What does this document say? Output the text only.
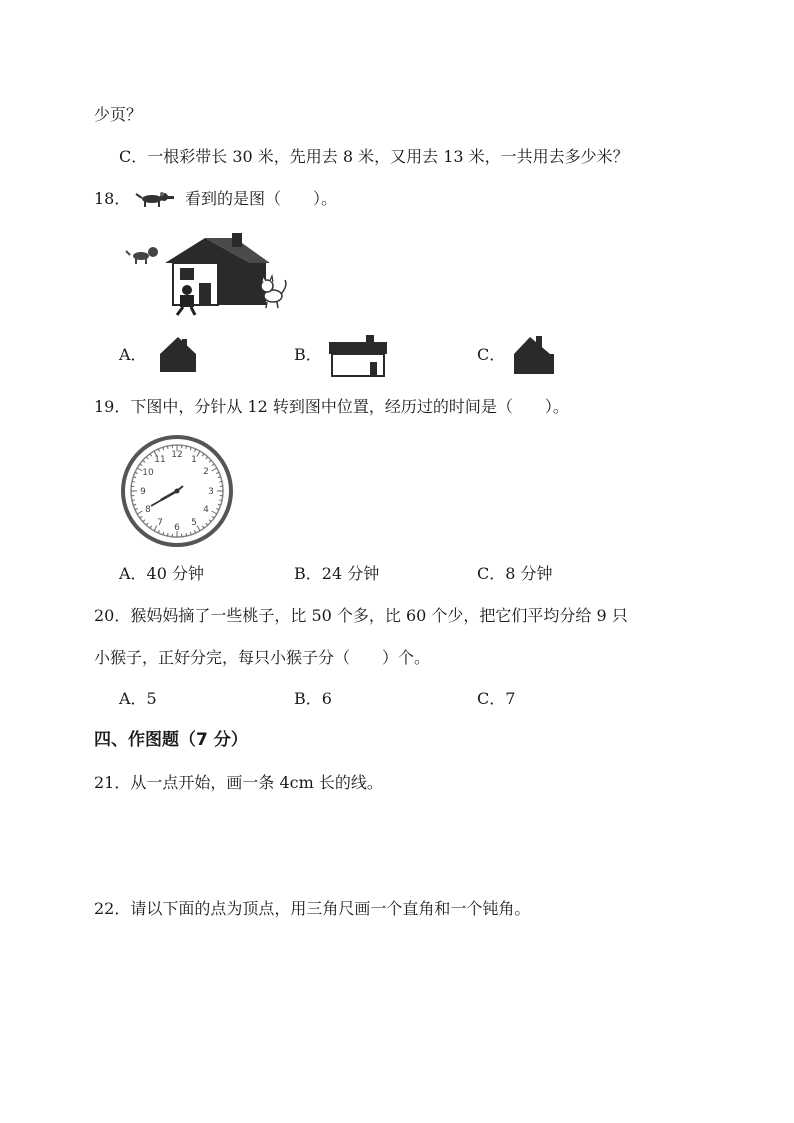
少页？
C．一根彩带长 30 米，先用去 8 米，又用去 13 米，一共用去多少米？
18．	看到的是图（　　）。
A．	B．	C．
19．下图中，分针从 12 转到图中位置，经历过的时间是（　　）。
12 1
2
3
4
5
6
7
8
9
10
11
A．40 分钟	B．24 分钟	C．8 分钟
20．猴妈妈摘了一些桃子，比 50 个多，比 60 个少，把它们平均分给 9 只
小猴子，正好分完，每只小猴子分（　　）个。
A．5	B．6	C．7
四、作图题（7 分）
21．从一点开始，画一条 4cm 长的线。
22．请以下面的点为顶点，用三角尺画一个直角和一个钝角。
